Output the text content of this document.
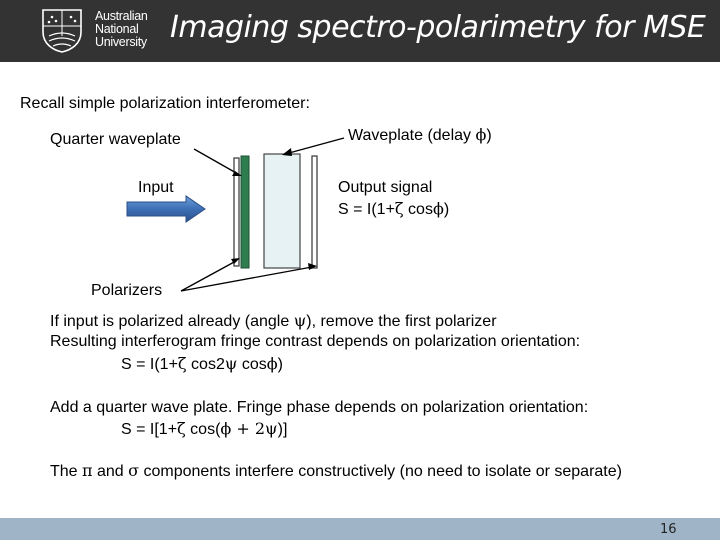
Australian
National
University Imaging spectro-polarimetry for MSE
Recall simple polarization interferometer:
Quarter waveplate	Waveplate (delay ϕ)
Input	Output signal
S = I(1+ζ cosϕ)
Polarizers
If input is polarized already (angle ψ), remove the first polarizer
Resulting interferogram fringe contrast depends on polarization orientation:
S = I(1+ζ cos2ψ cosϕ)
Add a quarter wave plate. Fringe phase depends on polarization orientation:
S = I[1+ζ cos(ϕ + 2ψ)]
The π and σ components interfere constructively (no need to isolate or separate)
16
